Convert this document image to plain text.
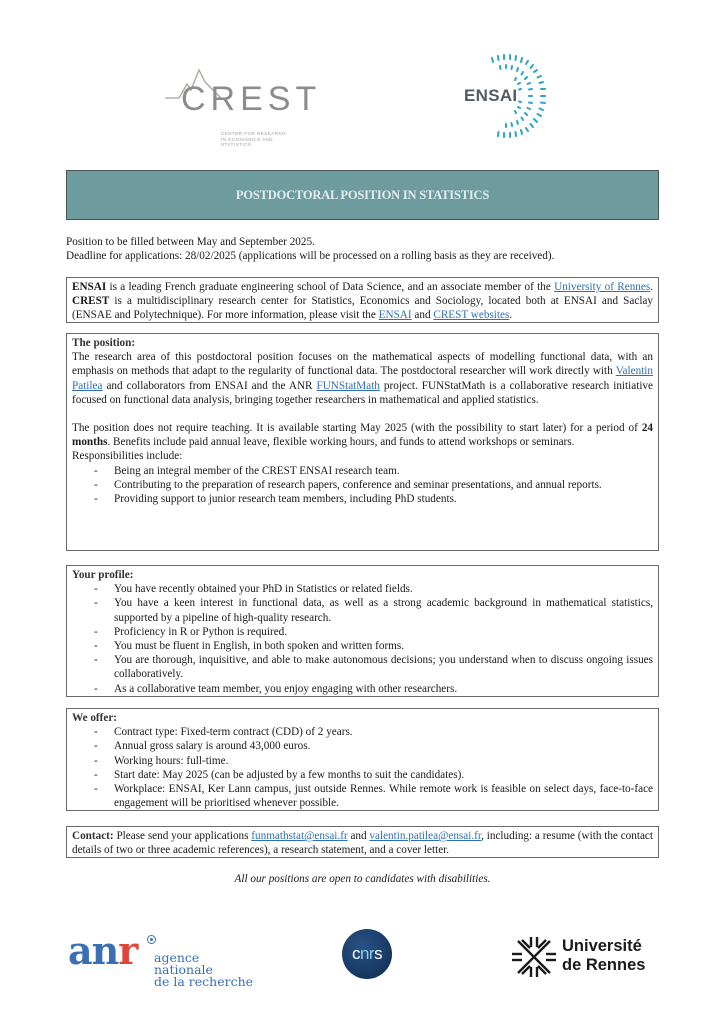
CREST
CENTER FOR RESEARCH
IN ECONOMICS AND STATISTICS
ENSAI
POSTDOCTORAL POSITION IN STATISTICS
Position to be filled between May and September 2025.
Deadline for applications: 28/02/2025 (applications will be processed on a rolling basis as they are received).

ENSAI is a leading French graduate engineering school of Data Science, and an associate member of the University of Rennes. CREST is a multidisciplinary research center for Statistics, Economics and Sociology, located both at ENSAI and Saclay (ENSAE and Polytechnique). For more information, please visit the ENSAI and CREST websites.

The position:

The research area of this postdoctoral position focuses on the mathematical aspects of modelling functional data, with an emphasis on methods that adapt to the regularity of functional data. The postdoctoral researcher will work directly with Valentin Patilea and collaborators from ENSAI and the ANR FUNStatMath project. FUNStatMath is a collaborative research initiative focused on functional data analysis, bringing together researchers in mathematical and applied statistics.

The position does not require teaching. It is available starting May 2025 (with the possibility to start later) for a period of 24 months. Benefits include paid annual leave, flexible working hours, and funds to attend workshops or seminars.

Responsibilities include:
- Being an integral member of the CREST ENSAI research team.
- Contributing to the preparation of research papers, conference and seminar presentations, and annual reports.
- Providing support to junior research team members, including PhD students.
Your profile:
- You have recently obtained your PhD in Statistics or related fields.
- You have a keen interest in functional data, as well as a strong academic background in mathematical statistics, supported by a pipeline of high-quality research.
- Proficiency in R or Python is required.
- You must be fluent in English, in both spoken and written forms.
- You are thorough, inquisitive, and able to make autonomous decisions; you understand when to discuss ongoing issues collaboratively.
- As a collaborative team member, you enjoy engaging with other researchers.
We offer:
- Contract type: Fixed-term contract (CDD) of 2 years.
- Annual gross salary is around 43,000 euros.
- Working hours: full-time.
- Start date: May 2025 (can be adjusted by a few months to suit the candidates).
- Workplace: ENSAI, Ker Lann campus, just outside Rennes. While remote work is feasible on select days, face-to-face engagement will be prioritised whenever possible.

Contact: Please send your applications funmathstat@ensai.fr and valentin.patilea@ensai.fr, including: a resume (with the contact details of two or three academic references), a research statement, and a cover letter.

All our positions are open to candidates with disabilities.
anr agence nationale
de la recherche
cnrs	Université
de Rennes
